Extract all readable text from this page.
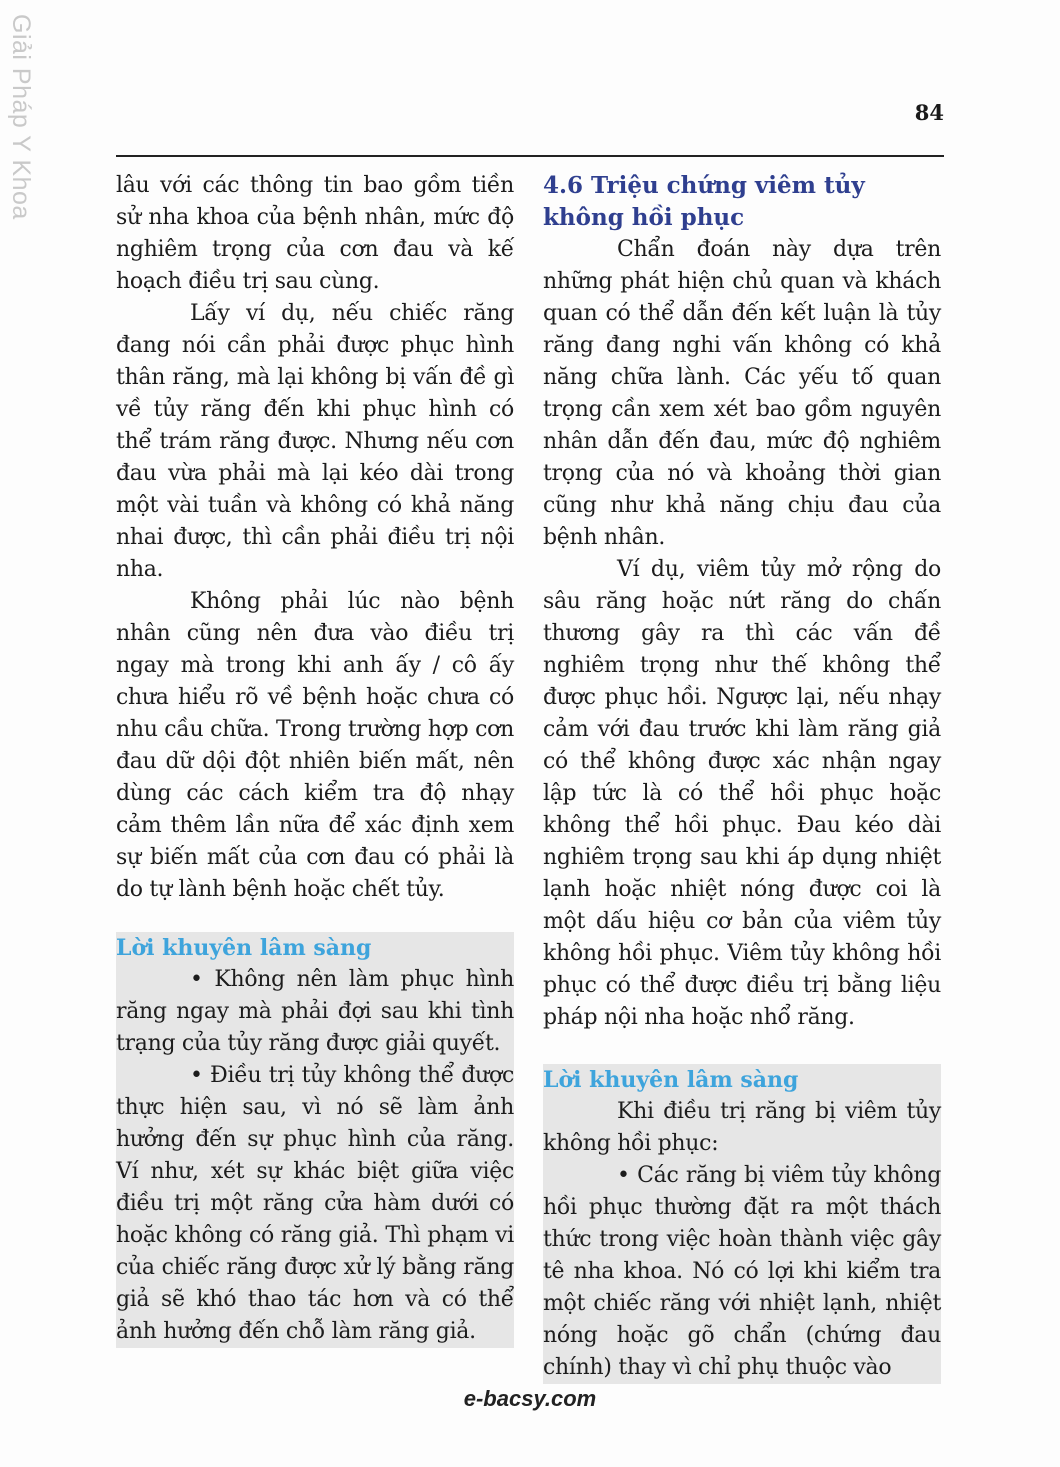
Giải Pháp Y Khoa	84

lâu với các thông tin bao gồm tiền sử nha khoa của bệnh nhân, mức độ nghiêm trọng của cơn đau và kế hoạch điều trị sau cùng.

Lấy ví dụ, nếu chiếc răng đang nói cần phải được phục hình thân răng, mà lại không bị vấn đề gì về tủy răng đến khi phục hình có thể trám răng được. Nhưng nếu cơn đau vừa phải mà lại kéo dài trong một vài tuần và không có khả năng nhai được, thì cần phải điều trị nội nha.

Không phải lúc nào bệnh nhân cũng nên đưa vào điều trị ngay mà trong khi anh ấy / cô ấy chưa hiểu rõ về bệnh hoặc chưa có nhu cầu chữa. Trong trường hợp cơn đau dữ dội đột nhiên biến mất, nên dùng các cách kiểm tra độ nhạy cảm thêm lần nữa để xác định xem sự biến mất của cơn đau có phải là do tự lành bệnh hoặc chết tủy.

Lời khuyên lâm sàng

• Không nên làm phục hình răng ngay mà phải đợi sau khi tình trạng của tủy răng được giải quyết.

• Điều trị tủy không thể được thực hiện sau, vì nó sẽ làm ảnh hưởng đến sự phục hình của răng. Ví như, xét sự khác biệt giữa việc điều trị một răng cửa hàm dưới có hoặc không có răng giả. Thì phạm vi của chiếc răng được xử lý bằng răng giả sẽ khó thao tác hơn và có thể ảnh hưởng đến chỗ làm răng giả.

4.6 Triệu chứng viêm tủy không hồi phục

Chẩn đoán này dựa trên những phát hiện chủ quan và khách quan có thể dẫn đến kết luận là tủy răng đang nghi vấn không có khả năng chữa lành. Các yếu tố quan trọng cần xem xét bao gồm nguyên nhân dẫn đến đau, mức độ nghiêm trọng của nó và khoảng thời gian cũng như khả năng chịu đau của bệnh nhân.

Ví dụ, viêm tủy mở rộng do sâu răng hoặc nứt răng do chấn thương gây ra thì các vấn đề nghiêm trọng như thế không thể được phục hồi. Ngược lại, nếu nhạy cảm với đau trước khi làm răng giả có thể không được xác nhận ngay lập tức là có thể hồi phục hoặc không thể hồi phục. Đau kéo dài nghiêm trọng sau khi áp dụng nhiệt lạnh hoặc nhiệt nóng được coi là một dấu hiệu cơ bản của viêm tủy không hồi phục. Viêm tủy không hồi phục có thể được điều trị bằng liệu pháp nội nha hoặc nhổ răng.

Lời khuyên lâm sàng

Khi điều trị răng bị viêm tủy không hồi phục:

• Các răng bị viêm tủy không hồi phục thường đặt ra một thách thức trong việc hoàn thành việc gây tê nha khoa. Nó có lợi khi kiểm tra một chiếc răng với nhiệt lạnh, nhiệt nóng hoặc gõ chẩn (chứng đau chính) thay vì chỉ phụ thuộc vào

e-bacsy.com
